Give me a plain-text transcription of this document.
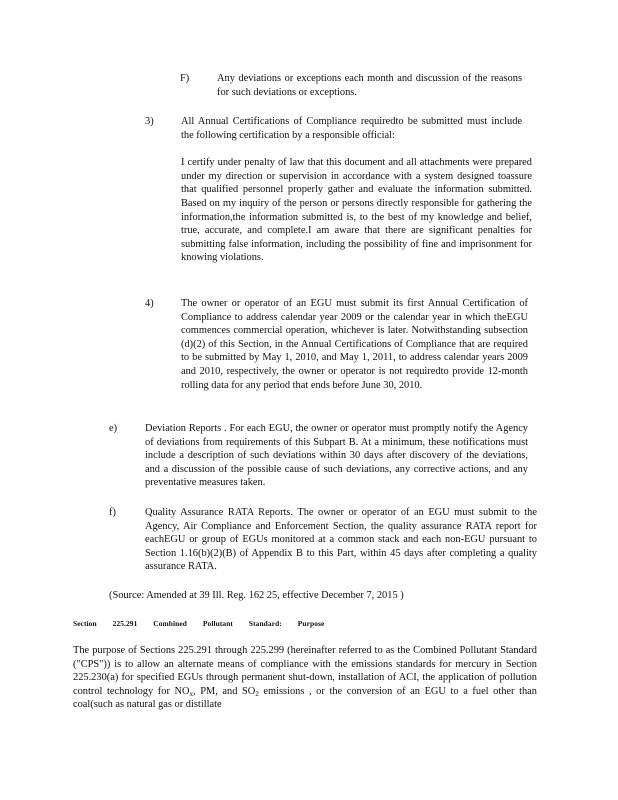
F)	Any deviations or exceptions each month and discussion of the reasons for such deviations or exceptions.

3)	All Annual Certifications of Compliance requiredto be submitted must include the following certification by a responsible official:

I certify under penalty of law that this document and all attachments were prepared under my direction or supervision in accordance with a system designed toassure that qualified personnel properly gather and evaluate the information submitted. Based on my inquiry of the person or persons directly responsible for gathering the information,the information submitted is, to the best of my knowledge and belief, true, accurate, and complete.I am aware that there are significant penalties for submitting false information, including the possibility of fine and imprisonment for knowing violations.

4)	The owner or operator of an EGU must submit its first Annual Certification of Compliance to address calendar year 2009 or the calendar year in which theEGU commences commercial operation, whichever is later. Notwithstanding subsection (d)(2) of this Section, in the Annual Certifications of Compliance that are required to be submitted by May 1, 2010, and May 1, 2011, to address calendar years 2009 and 2010, respectively, the owner or operator is not requiredto provide 12-month rolling data for any period that ends before June 30, 2010.

e)	Deviation Reports . For each EGU, the owner or operator must promptly notify the Agency of deviations from requirements of this Subpart B. At a minimum, these notifications must include a description of such deviations within 30 days after discovery of the deviations, and a discussion of the possible cause of such deviations, any corrective actions, and any preventative measures taken.

f)	Quality Assurance RATA Reports. The owner or operator of an EGU must submit to the Agency, Air Compliance and Enforcement Section, the quality assurance RATA report for eachEGU or group of EGUs monitored at a common stack and each non-EGU pursuant to Section 1.16(b)(2)(B) of Appendix B to this Part, within 45 days after completing a quality assurance RATA.

(Source: Amended at 39 Ill. Reg. 162 25, effective December 7, 2015 )
Section 225.291 Combined Pollutant Standard: Purpose

The purpose of Sections 225.291 through 225.299 (hereinafter referred to as the Combined Pollutant Standard ("CPS")) is to allow an alternate means of compliance with the emissions standards for mercury in Section 225.230(a) for specified EGUs through permanent shut-down, installation of ACI, the application of pollution control technology for $NO_x$, PM, and $SO_2$ emissions , or the conversion of an EGU to a fuel other than coal(such as natural gas or distillate
